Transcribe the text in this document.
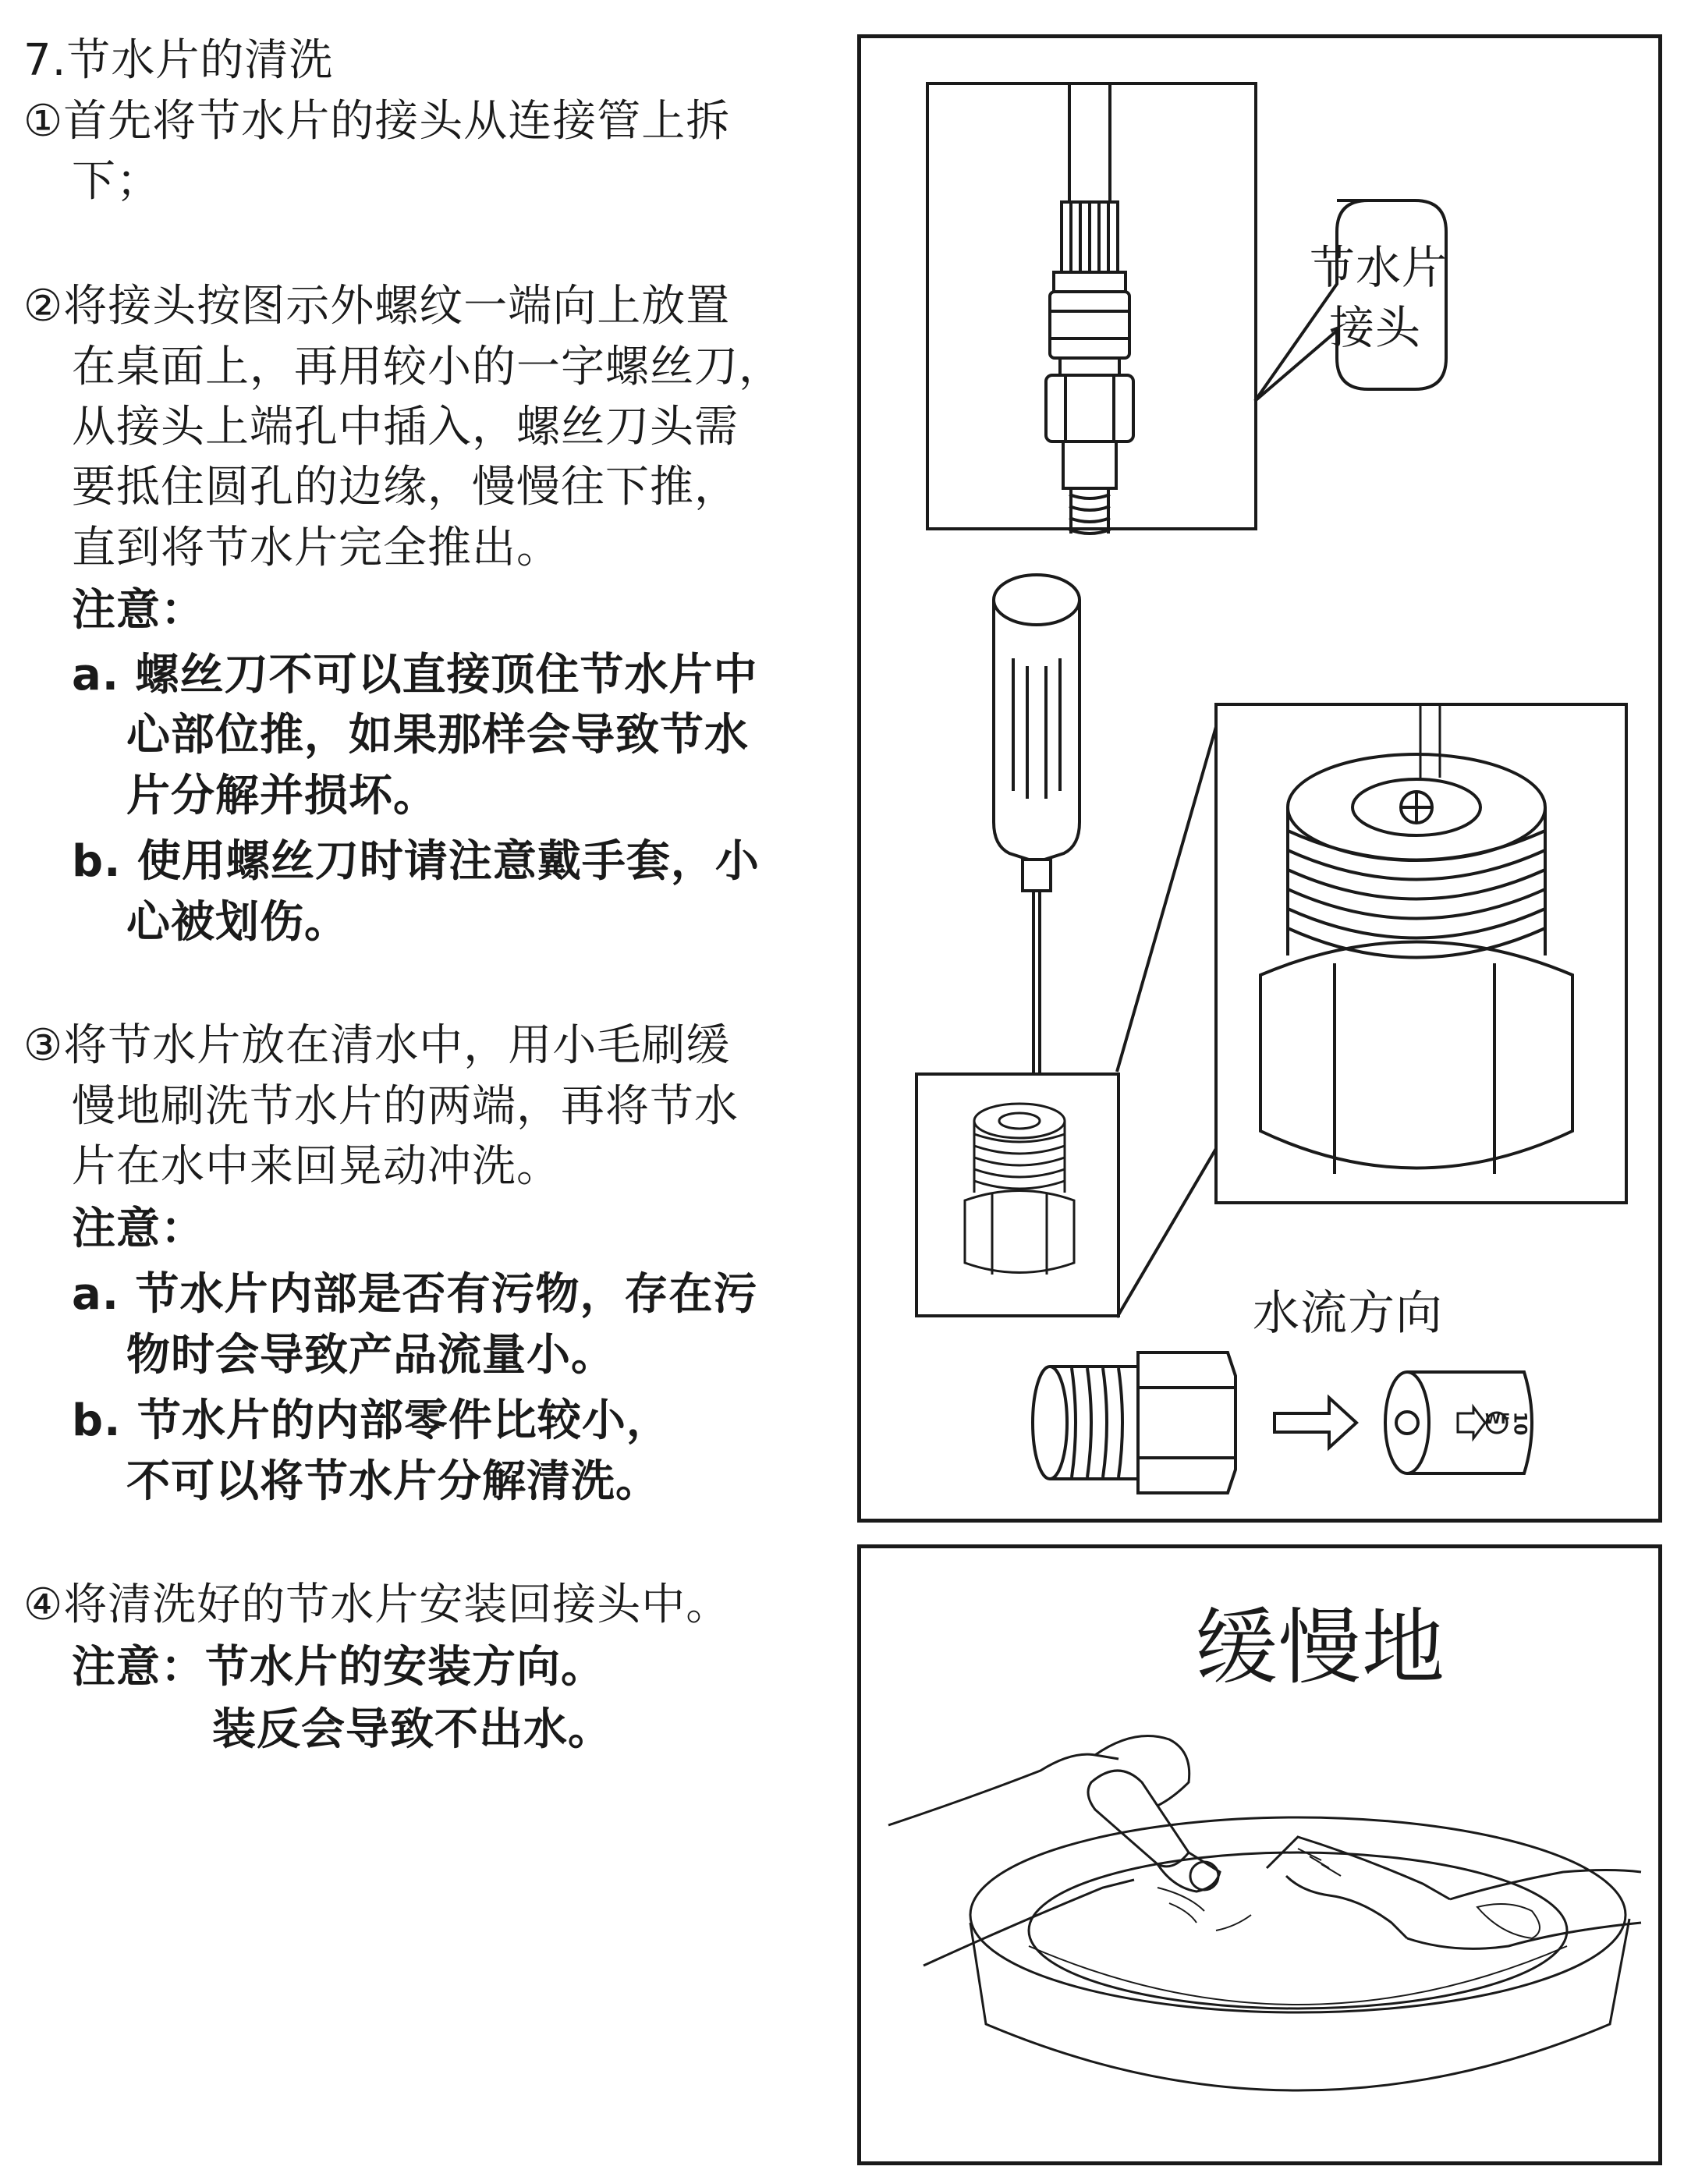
7.节水片的清洗
①首先将节水片的接头从连接管上拆
下；
②将接头按图示外螺纹一端向上放置
在桌面上，再用较小的一字螺丝刀，
从接头上端孔中插入，螺丝刀头需
要抵住圆孔的边缘，慢慢往下推，
直到将节水片完全推出。
注意：
a. 螺丝刀不可以直接顶住节水片中
心部位推，如果那样会导致节水
片分解并损坏。
b. 使用螺丝刀时请注意戴手套，小
心被划伤。
③将节水片放在清水中，用小毛刷缓
慢地刷洗节水片的两端，再将节水
片在水中来回晃动冲洗。
注意：
a. 节水片内部是否有污物，存在污
物时会导致产品流量小。
b. 节水片的内部零件比较小，
不可以将节水片分解清洗。
④将清洗好的节水片安装回接头中。
注意：节水片的安装方向。
装反会导致不出水。
节水片
接头
水流方向
WF 10
缓慢地
